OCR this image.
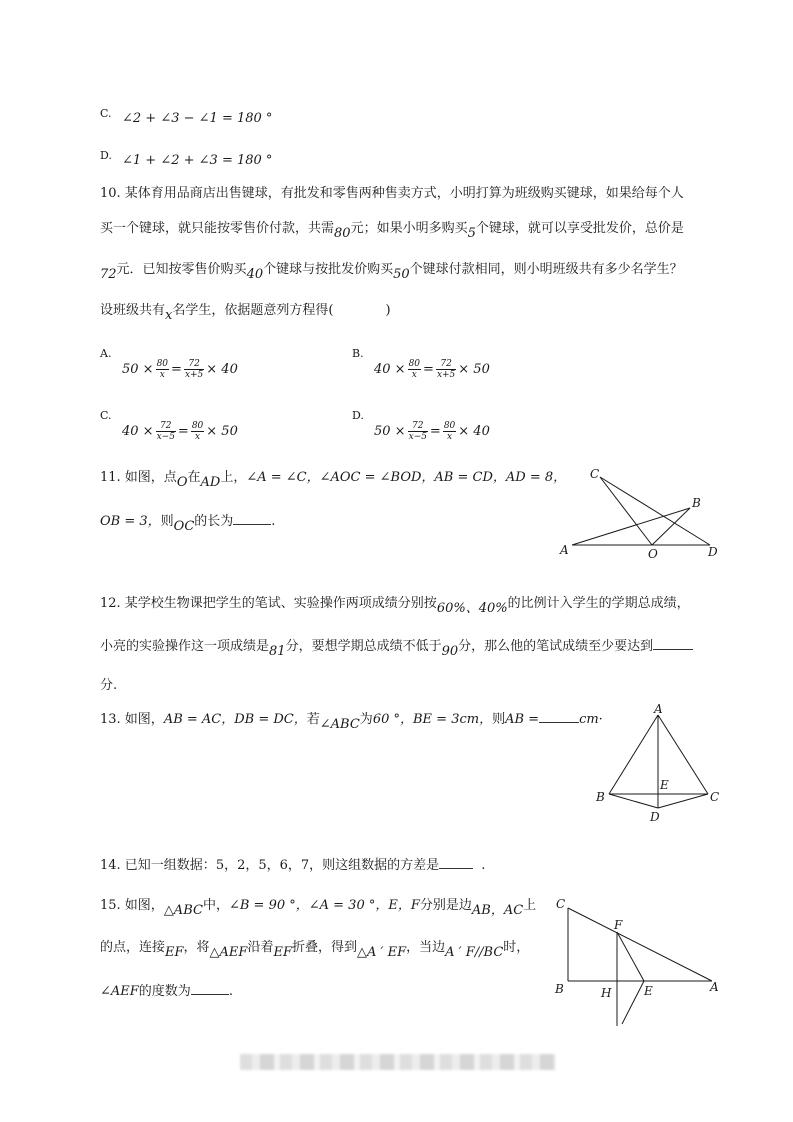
C. ∠2 + ∠3 − ∠1 = 180 °
D. ∠1 + ∠2 + ∠3 = 180 °
10. 某体育用品商店出售键球，有批发和零售两种售卖方式，小明打算为班级购买键球，如果给每个人
买一个键球，就只能按零售价付款，共需80元；如果小明多购买5个键球，就可以享受批发价，总价是
72元．已知按零售价购买40个键球与按批发价购买50个键球付款相同，则小明班级共有多少名学生？
设班级共有x名学生，依据题意列方程得(	)
A.
$50 \times \frac{80}{x} = \frac{72}{x+5} \times 40$
B.
$40 \times \frac{80}{x} = \frac{72}{x+5} \times 50$
C.
$40 \times \frac{72}{x-5} = \frac{80}{x} \times 50$
D.
$50 \times \frac{72}{x-5} = \frac{80}{x} \times 40$
11. 如图，点O在AD上，∠A = ∠C，∠AOC = ∠BOD，AB = CD，AD = 8，
OB = 3，则OC的长为	.
C
B
A	O	D
12. 某学校生物课把学生的笔试、实验操作两项成绩分别按60%、40%的比例计入学生的学期总成绩，
小亮的实验操作这一项成绩是81分，要想学期总成绩不低于90分，那么他的笔试成绩至少要达到
分.
13. 如图，AB = AC，DB = DC，若∠ABC为60 °，BE = 3cm，则AB =	cm·
A
B	C
E
D
14. 已知一组数据：5，2，5，6，7，则这组数据的方差是	.
15. 如图，△ABC中，∠B = 90 °，∠A = 30 °，E，F分别是边AB，AC上
的点，连接EF，将△AEF沿着EF折叠，得到△A ′ EF，当边A ′ F//BC时，
∠AEF的度数为	.
C
F
B	H	E	A
